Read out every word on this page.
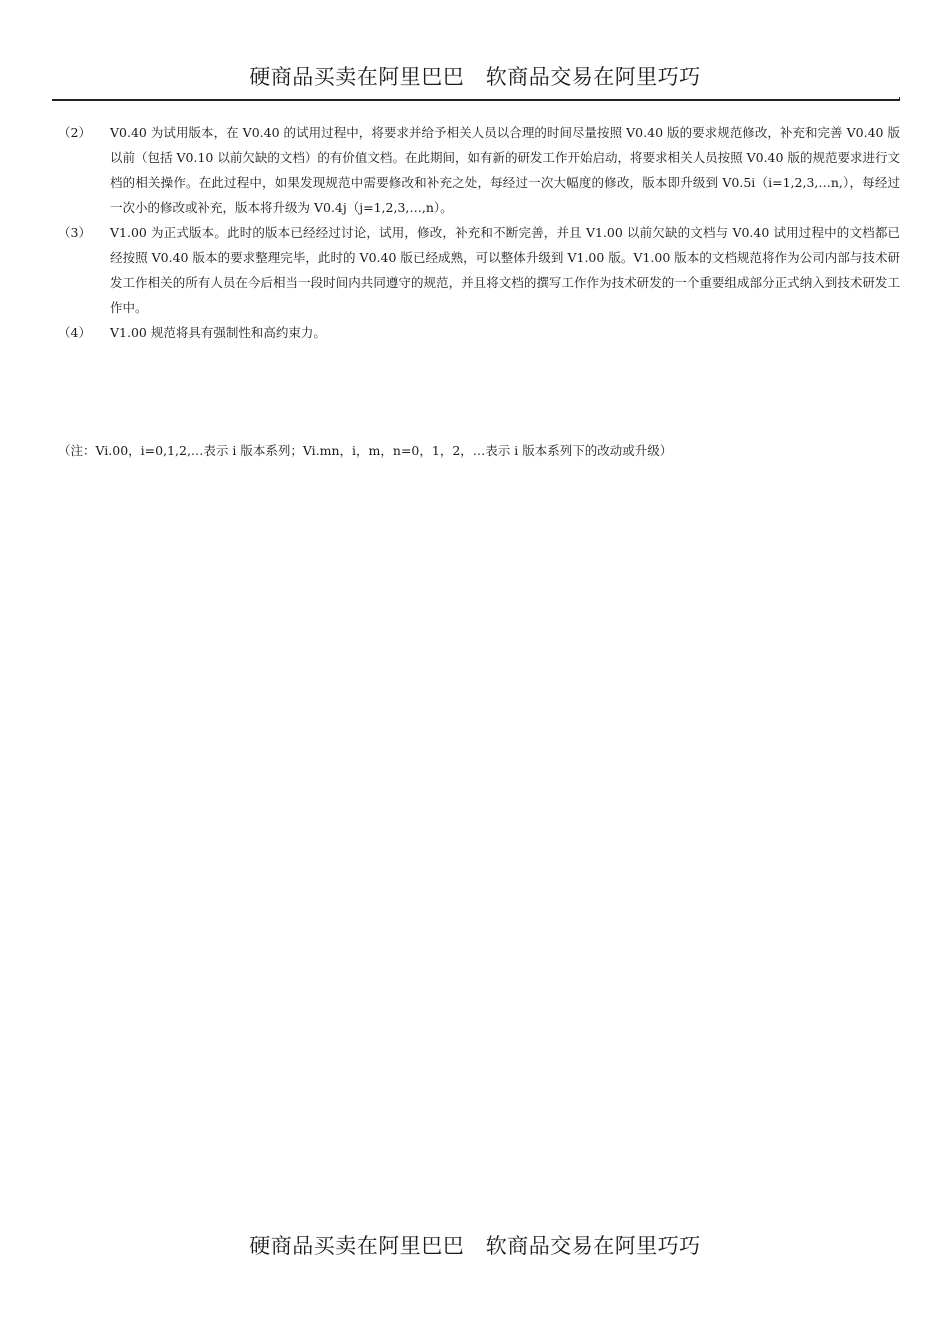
硬商品买卖在阿里巴巴　软商品交易在阿里巧巧
（2）	V0.40 为试用版本，在 V0.40 的试用过程中，将要求并给予相关人员以合理的时间尽量按照 V0.40 版的要求规范修改，补充和完善 V0.40 版以前（包括 V0.10 以前欠缺的文档）的有价值文档。在此期间，如有新的研发工作开始启动，将要求相关人员按照 V0.40 版的规范要求进行文档的相关操作。在此过程中，如果发现规范中需要修改和补充之处，每经过一次大幅度的修改，版本即升级到 V0.5i（i=1,2,3,…n,），每经过一次小的修改或补充，版本将升级为 V0.4j（j=1,2,3,…,n）。
（3）	V1.00 为正式版本。此时的版本已经经过讨论，试用，修改，补充和不断完善，并且 V1.00 以前欠缺的文档与 V0.40 试用过程中的文档都已经按照 V0.40 版本的要求整理完毕，此时的 V0.40 版已经成熟，可以整体升级到 V1.00 版。V1.00 版本的文档规范将作为公司内部与技术研发工作相关的所有人员在今后相当一段时间内共同遵守的规范，并且将文档的撰写工作作为技术研发的一个重要组成部分正式纳入到技术研发工作中。
（4）	V1.00 规范将具有强制性和高约束力。
（注：Vi.00，i=0,1,2,…表示 i 版本系列；Vi.mn，i，m，n=0，1，2，…表示 i 版本系列下的改动或升级）
硬商品买卖在阿里巴巴　软商品交易在阿里巧巧
